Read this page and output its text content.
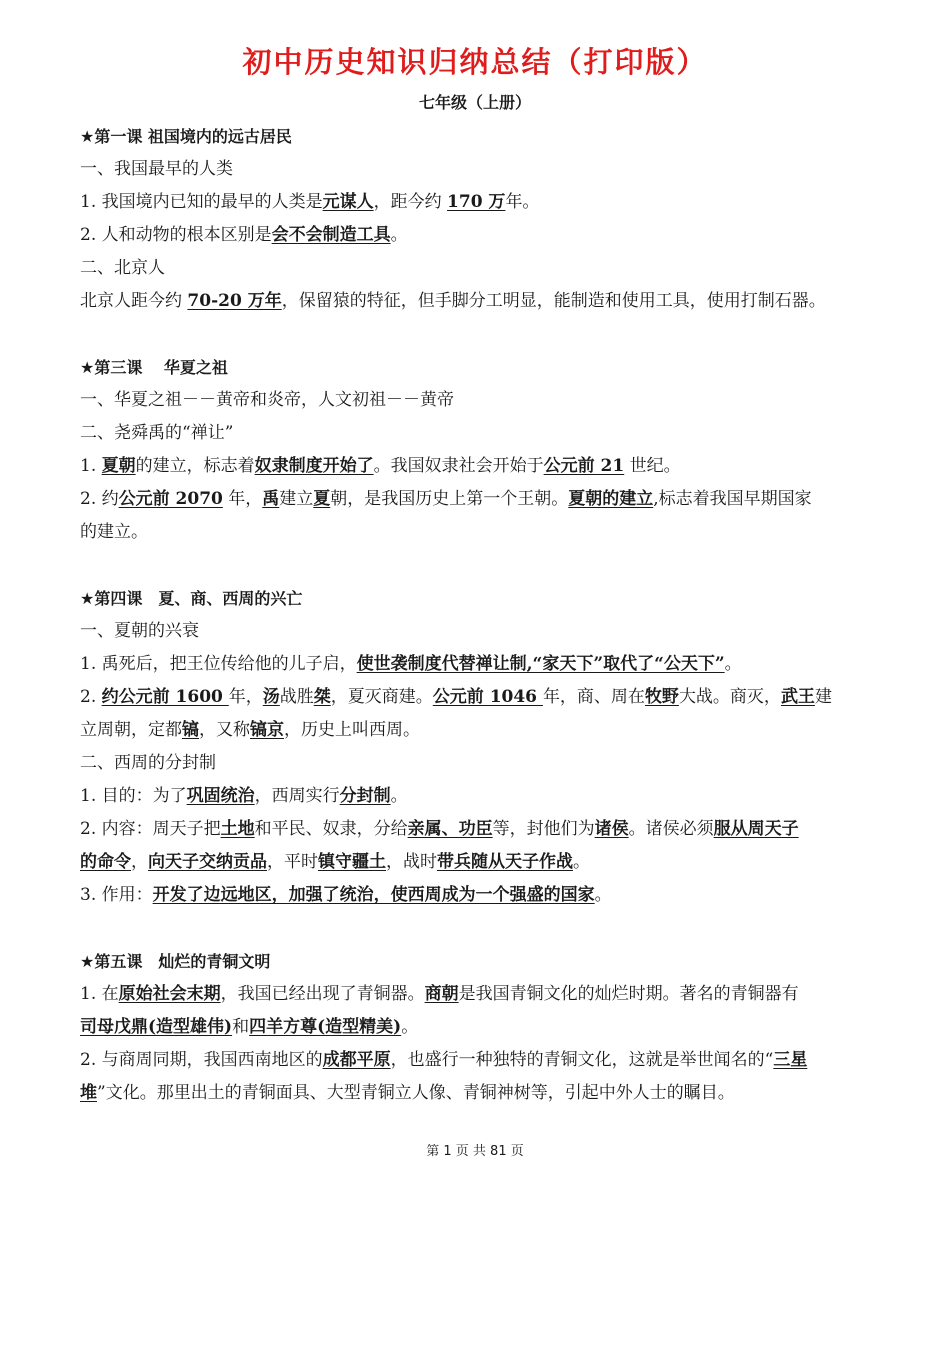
初中历史知识归纳总结（打印版）
七年级（上册）
★第一课 祖国境内的远古居民
一、我国最早的人类
1. 我国境内已知的最早的人类是元谋人，距今约 170 万年。
2. 人和动物的根本区别是会不会制造工具。
二、北京人
北京人距今约 70-20 万年，保留猿的特征，但手脚分工明显，能制造和使用工具，使用打制石器。
★第三课　 华夏之祖
一、华夏之祖－－黄帝和炎帝，人文初祖－－黄帝
二、尧舜禹的“禅让”
1. 夏朝的建立，标志着奴隶制度开始了。我国奴隶社会开始于公元前 21 世纪。
2. 约公元前 2070 年，禹建立夏朝，是我国历史上第一个王朝。夏朝的建立,标志着我国早期国家
的建立。
★第四课　夏、商、西周的兴亡
一、夏朝的兴衰
1. 禹死后，把王位传给他的儿子启，使世袭制度代替禅让制,“家天下”取代了“公天下”。
2. 约公元前 1600 年，汤战胜桀，夏灭商建。公元前 1046 年，商、周在牧野大战。商灭，武王建
立周朝，定都镐，又称镐京，历史上叫西周。
二、西周的分封制
1. 目的：为了巩固统治，西周实行分封制。
2. 内容：周天子把土地和平民、奴隶，分给亲属、功臣等，封他们为诸侯。诸侯必须服从周天子
的命令，向天子交纳贡品，平时镇守疆土，战时带兵随从天子作战。
3. 作用：开发了边远地区，加强了统治，使西周成为一个强盛的国家。
★第五课　灿烂的青铜文明
1. 在原始社会末期，我国已经出现了青铜器。商朝是我国青铜文化的灿烂时期。著名的青铜器有
司母戊鼎(造型雄伟)和四羊方尊(造型精美)。
2. 与商周同期，我国西南地区的成都平原，也盛行一种独特的青铜文化，这就是举世闻名的“三星
堆”文化。那里出土的青铜面具、大型青铜立人像、青铜神树等，引起中外人士的瞩目。
第 1 页 共 81 页
